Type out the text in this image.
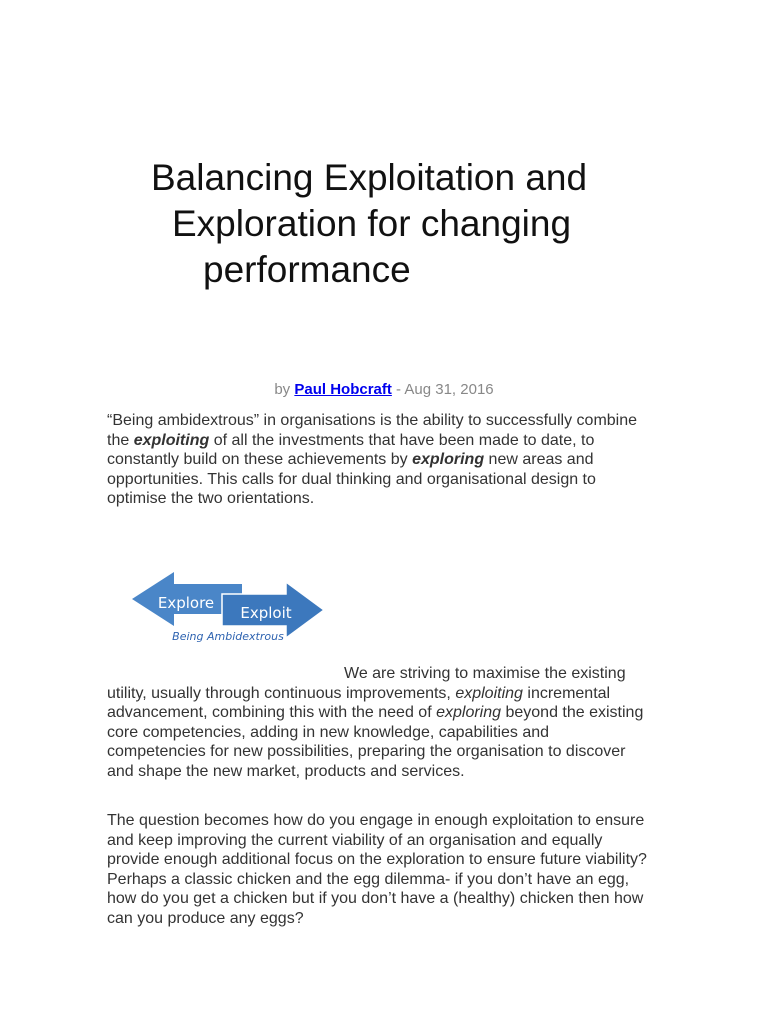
Balancing Exploitation and
Exploration for changing
performance
by Paul Hobcraft - Aug 31, 2016
“Being ambidextrous” in organisations is the ability to successfully combine
the exploiting of all the investments that have been made to date, to
constantly build on these achievements by exploring new areas and
opportunities. This calls for dual thinking and organisational design to
optimise the two orientations.
Explore
Exploit
Being Ambidextrous
We are striving to maximise the existing
utility, usually through continuous improvements, exploiting incremental
advancement, combining this with the need of exploring beyond the existing
core competencies, adding in new knowledge, capabilities and
competencies for new possibilities, preparing the organisation to discover
and shape the new market, products and services.
The question becomes how do you engage in enough exploitation to ensure
and keep improving the current viability of an organisation and equally
provide enough additional focus on the exploration to ensure future viability?
Perhaps a classic chicken and the egg dilemma- if you don’t have an egg,
how do you get a chicken but if you don’t have a (healthy) chicken then how
can you produce any eggs?
